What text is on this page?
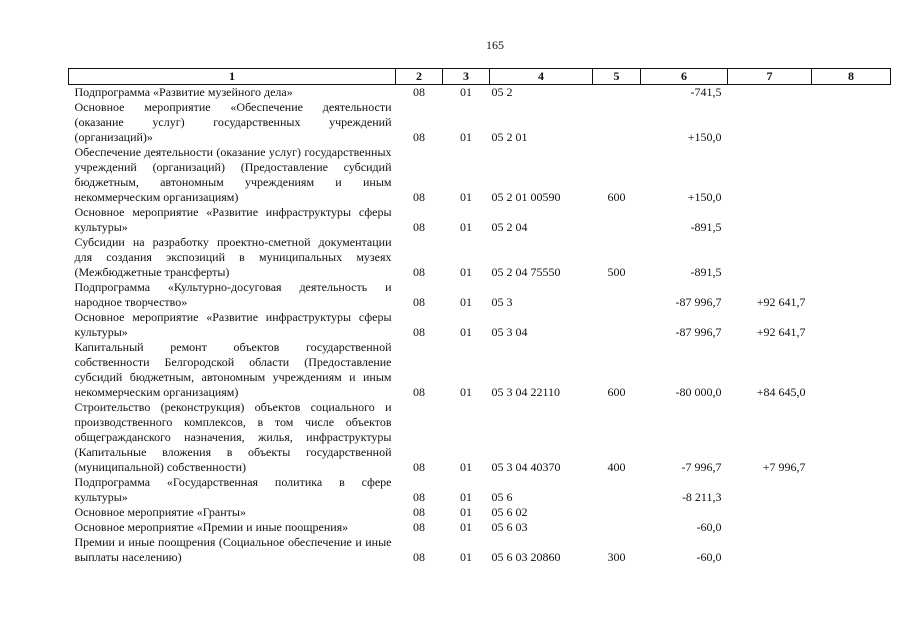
165
1	2	3	4	5	6	7	8
Подпрограмма «Развитие музейного дела»	08	01	05 2		-741,5		
Основное мероприятие «Обеспечение деятельности (оказание услуг) государственных учреждений (организаций)»	08	01	05 2 01		+150,0		
Обеспечение деятельности (оказание услуг) государственных учреждений (организаций) (Предоставление субсидий бюджетным, автономным учреждениям и иным некоммерческим организациям)	08	01	05 2 01 00590	600	+150,0		
Основное мероприятие «Развитие инфраструктуры сферы культуры»	08	01	05 2 04		-891,5		
Субсидии на разработку проектно-сметной документации для создания экспозиций в муниципальных музеях (Межбюджетные трансферты)	08	01	05 2 04 75550	500	-891,5		
Подпрограмма «Культурно-досуговая деятельность и народное творчество»	08	01	05 3		-87 996,7	+92 641,7	
Основное мероприятие «Развитие инфраструктуры сферы культуры»	08	01	05 3 04		-87 996,7	+92 641,7	
Капитальный ремонт объектов государственной собственности Белгородской области (Предоставление субсидий бюджетным, автономным учреждениям и иным некоммерческим организациям)	08	01	05 3 04 22110	600	-80 000,0	+84 645,0	
Строительство (реконструкция) объектов социального и производственного комплексов, в том числе объектов общегражданского назначения, жилья, инфраструктуры (Капитальные вложения в объекты государственной (муниципальной) собственности)	08	01	05 3 04 40370	400	-7 996,7	+7 996,7	
Подпрограмма «Государственная политика в сфере культуры»	08	01	05 6		-8 211,3		
Основное мероприятие «Гранты»	08	01	05 6 02				
Основное мероприятие «Премии и иные поощрения»	08	01	05 6 03		-60,0		
Премии и иные поощрения (Социальное обеспечение и иные выплаты населению)	08	01	05 6 03 20860	300	-60,0		
